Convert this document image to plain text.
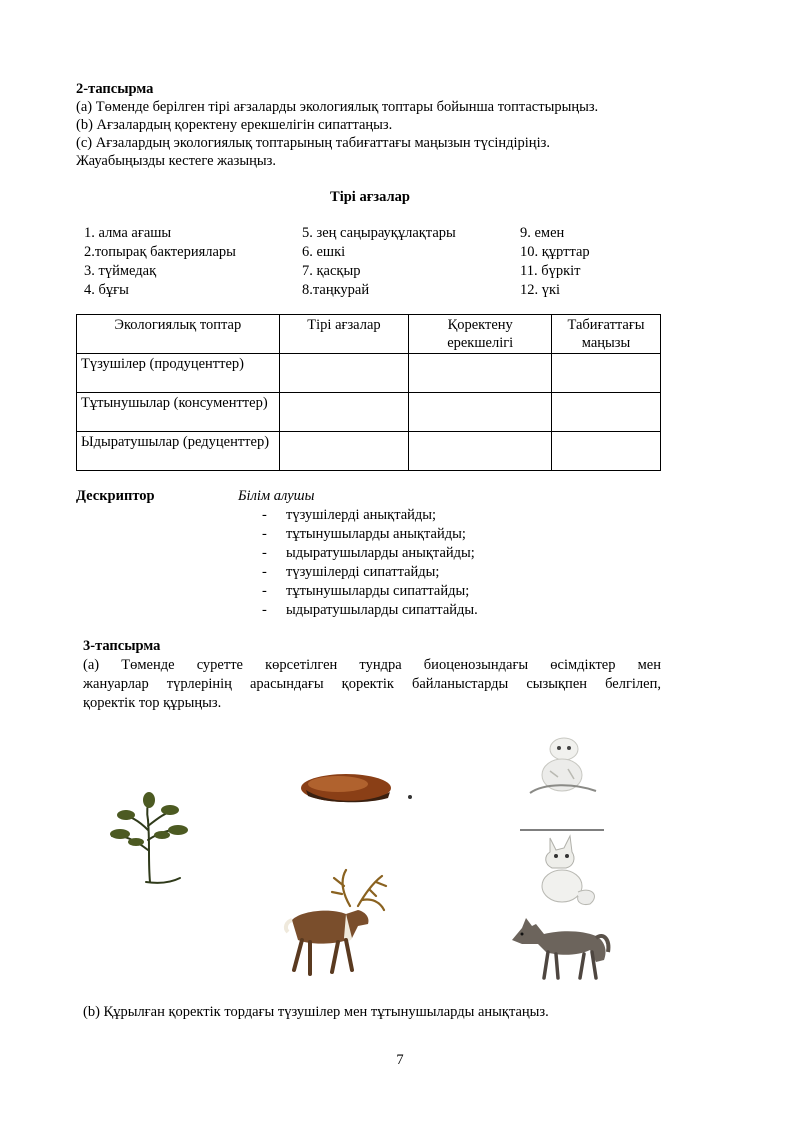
2-тапсырма
(a) Төменде берілген тірі ағзаларды экологиялық топтары бойынша топтастырыңыз.
(b) Ағзалардың қоректену ерекшелігін сипаттаңыз.
(c) Ағзалардың экологиялық топтарының табиғаттағы маңызын түсіндіріңіз.
Жауабыңызды кестеге жазыңыз.
Тірі ағзалар
1. алма ағашы	5. зең саңырауқұлақтары	9. емен
2.топырақ бактериялары	6. ешкі	10. құрттар
3. түймедақ	7. қасқыр	11. бүркіт
4. бұғы	8.таңкурай	12. үкі
Экологиялық топтар	Тірі ағзалар	Қоректену ерекшелігі	Табиғаттағы маңызы
Түзушілер (продуценттер)			
Тұтынушылар (консументтер)			
Ыдыратушылар (редуценттер)			
Дескриптор	Білім алушы
- түзушілерді анықтайды;
- тұтынушыларды анықтайды;
- ыдыратушыларды анықтайды;
- түзушілерді сипаттайды;
- тұтынушыларды сипаттайды;
- ыдыратушыларды сипаттайды.
3-тапсырма
(a) Төменде суретте көрсетілген тундра биоценозындағы өсімдіктер мен
жануарлар түрлерінің арасындағы қоректік байланыстарды сызықпен белгілеп,
қоректік тор құрыңыз.
(b) Құрылған қоректік тордағы түзушілер мен тұтынушыларды анықтаңыз.
7
